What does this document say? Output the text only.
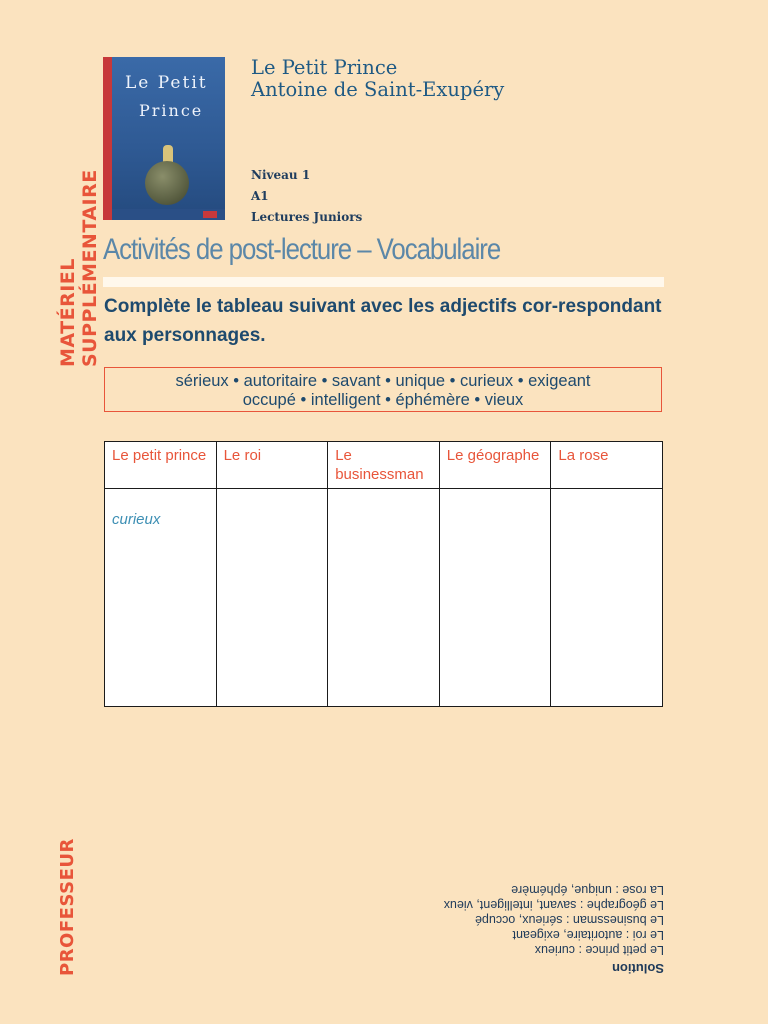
MATÉRIEL SUPPLÉMENTAIRE
PROFESSEUR
Le Petit
Prince
Le Petit Prince
Antoine de Saint-Exupéry
Niveau 1
A1
Lectures Juniors
Activités de post-lecture – Vocabulaire
Complète le tableau suivant avec les adjectifs cor-respondant aux personnages.
sérieux • autoritaire • savant • unique • curieux • exigeant
occupé • intelligent • éphémère • vieux
Le petit prince	Le roi	Le businessman	Le géographe	La rose
curieux				
Solution
Le petit prince : curieux
Le roi : autoritaire, exigeant
Le businessman : sérieux, occupé
Le géographe : savant, intelligent, vieux
La rose : unique, éphémère
